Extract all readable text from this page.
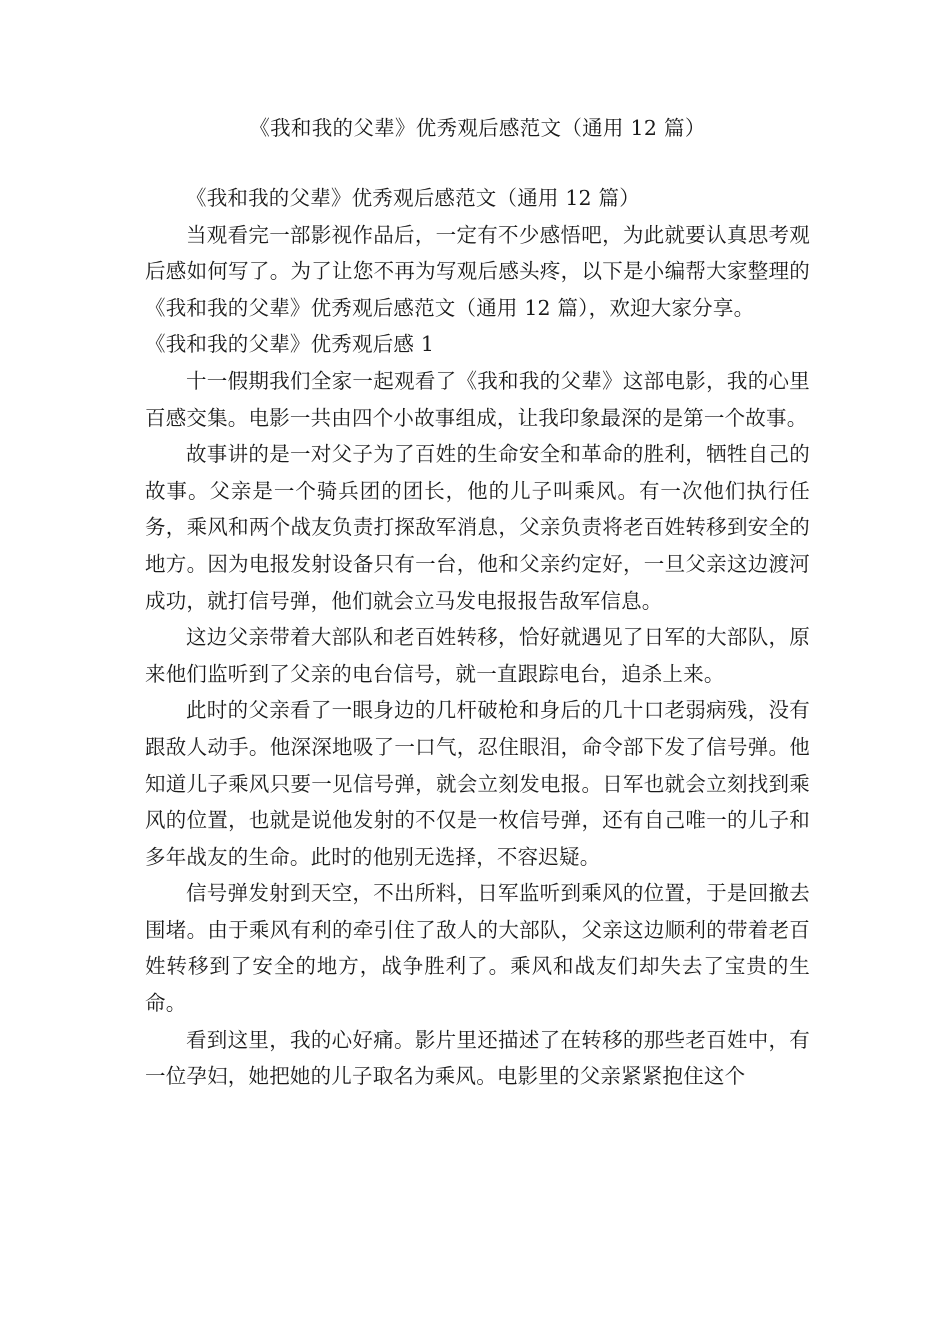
《我和我的父辈》优秀观后感范文（通用 12 篇）

《我和我的父辈》优秀观后感范文（通用 12 篇）

当观看完一部影视作品后，一定有不少感悟吧，为此就要认真思考观后感如何写了。为了让您不再为写观后感头疼，以下是小编帮大家整理的《我和我的父辈》优秀观后感范文（通用 12 篇），欢迎大家分享。

《我和我的父辈》优秀观后感 1

十一假期我们全家一起观看了《我和我的父辈》这部电影，我的心里百感交集。电影一共由四个小故事组成，让我印象最深的是第一个故事。

故事讲的是一对父子为了百姓的生命安全和革命的胜利，牺牲自己的故事。父亲是一个骑兵团的团长，他的儿子叫乘风。有一次他们执行任务，乘风和两个战友负责打探敌军消息，父亲负责将老百姓转移到安全的地方。因为电报发射设备只有一台，他和父亲约定好，一旦父亲这边渡河成功，就打信号弹，他们就会立马发电报报告敌军信息。

这边父亲带着大部队和老百姓转移，恰好就遇见了日军的大部队，原来他们监听到了父亲的电台信号，就一直跟踪电台，追杀上来。

此时的父亲看了一眼身边的几杆破枪和身后的几十口老弱病残，没有跟敌人动手。他深深地吸了一口气，忍住眼泪，命令部下发了信号弹。他知道儿子乘风只要一见信号弹，就会立刻发电报。日军也就会立刻找到乘风的位置，也就是说他发射的不仅是一枚信号弹，还有自己唯一的儿子和多年战友的生命。此时的他别无选择，不容迟疑。

信号弹发射到天空，不出所料，日军监听到乘风的位置，于是回撤去围堵。由于乘风有利的牵引住了敌人的大部队，父亲这边顺利的带着老百姓转移到了安全的地方，战争胜利了。乘风和战友们却失去了宝贵的生命。

看到这里，我的心好痛。影片里还描述了在转移的那些老百姓中，有一位孕妇，她把她的儿子取名为乘风。电影里的父亲紧紧抱住这个
